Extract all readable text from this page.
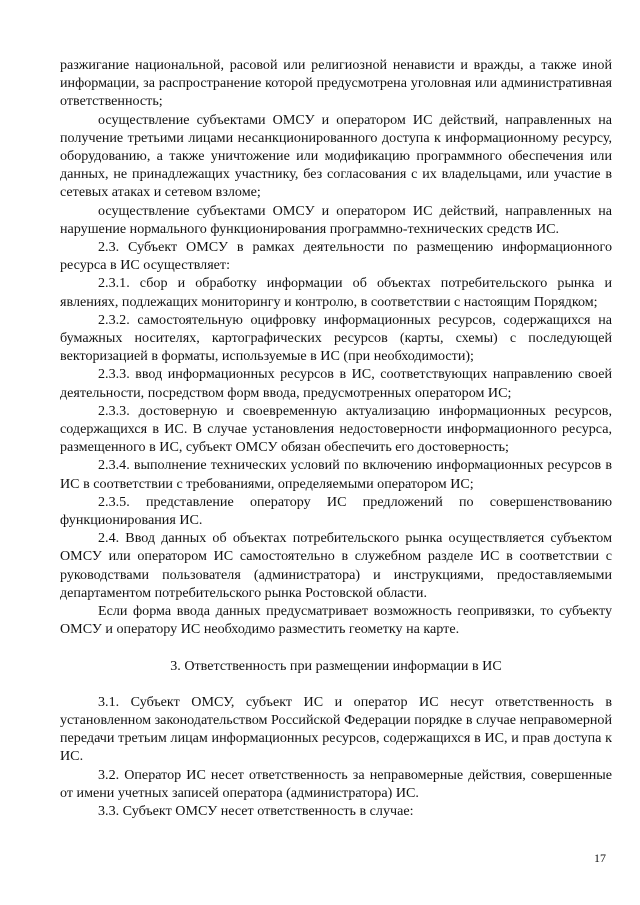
разжигание национальной, расовой или религиозной ненависти и вражды, а также иной информации, за распространение которой предусмотрена уголовная или административная ответственность;

осуществление субъектами ОМСУ и оператором ИС действий, направленных на получение третьими лицами несанкционированного доступа к информационному ресурсу, оборудованию, а также уничтожение или модификацию программного обеспечения или данных, не принадлежащих участнику, без согласования с их владельцами, или участие в сетевых атаках и сетевом взломе;

осуществление субъектами ОМСУ и оператором ИС действий, направленных на нарушение нормального функционирования программно-технических средств ИС.

2.3. Субъект ОМСУ в рамках деятельности по размещению информационного ресурса в ИС осуществляет:

2.3.1. сбор и обработку информации об объектах потребительского рынка и явлениях, подлежащих мониторингу и контролю, в соответствии с настоящим Порядком;

2.3.2. самостоятельную оцифровку информационных ресурсов, содержащихся на бумажных носителях, картографических ресурсов (карты, схемы) с последующей векторизацией в форматы, используемые в ИС (при необходимости);

2.3.3. ввод информационных ресурсов в ИС, соответствующих направлению своей деятельности, посредством форм ввода, предусмотренных оператором ИС;

2.3.3. достоверную и своевременную актуализацию информационных ресурсов, содержащихся в ИС. В случае установления недостоверности информационного ресурса, размещенного в ИС, субъект ОМСУ обязан обеспечить его достоверность;

2.3.4. выполнение технических условий по включению информационных ресурсов в ИС в соответствии с требованиями, определяемыми оператором ИС;

2.3.5. представление оператору ИС предложений по совершенствованию функционирования ИС.

2.4. Ввод данных об объектах потребительского рынка осуществляется субъектом ОМСУ или оператором ИС самостоятельно в служебном разделе ИС в соответствии с руководствами пользователя (администратора) и инструкциями, предоставляемыми департаментом потребительского рынка Ростовской области.

Если форма ввода данных предусматривает возможность геопривязки, то субъекту ОМСУ и оператору ИС необходимо разместить геометку на карте.

3. Ответственность при размещении информации в ИС

3.1. Субъект ОМСУ, субъект ИС и оператор ИС несут ответственность в установленном законодательством Российской Федерации порядке в случае неправомерной передачи третьим лицам информационных ресурсов, содержащихся в ИС, и прав доступа к ИС.

3.2. Оператор ИС несет ответственность за неправомерные действия, совершенные от имени учетных записей оператора (администратора) ИС.

3.3. Субъект ОМСУ несет ответственность в случае:

17
